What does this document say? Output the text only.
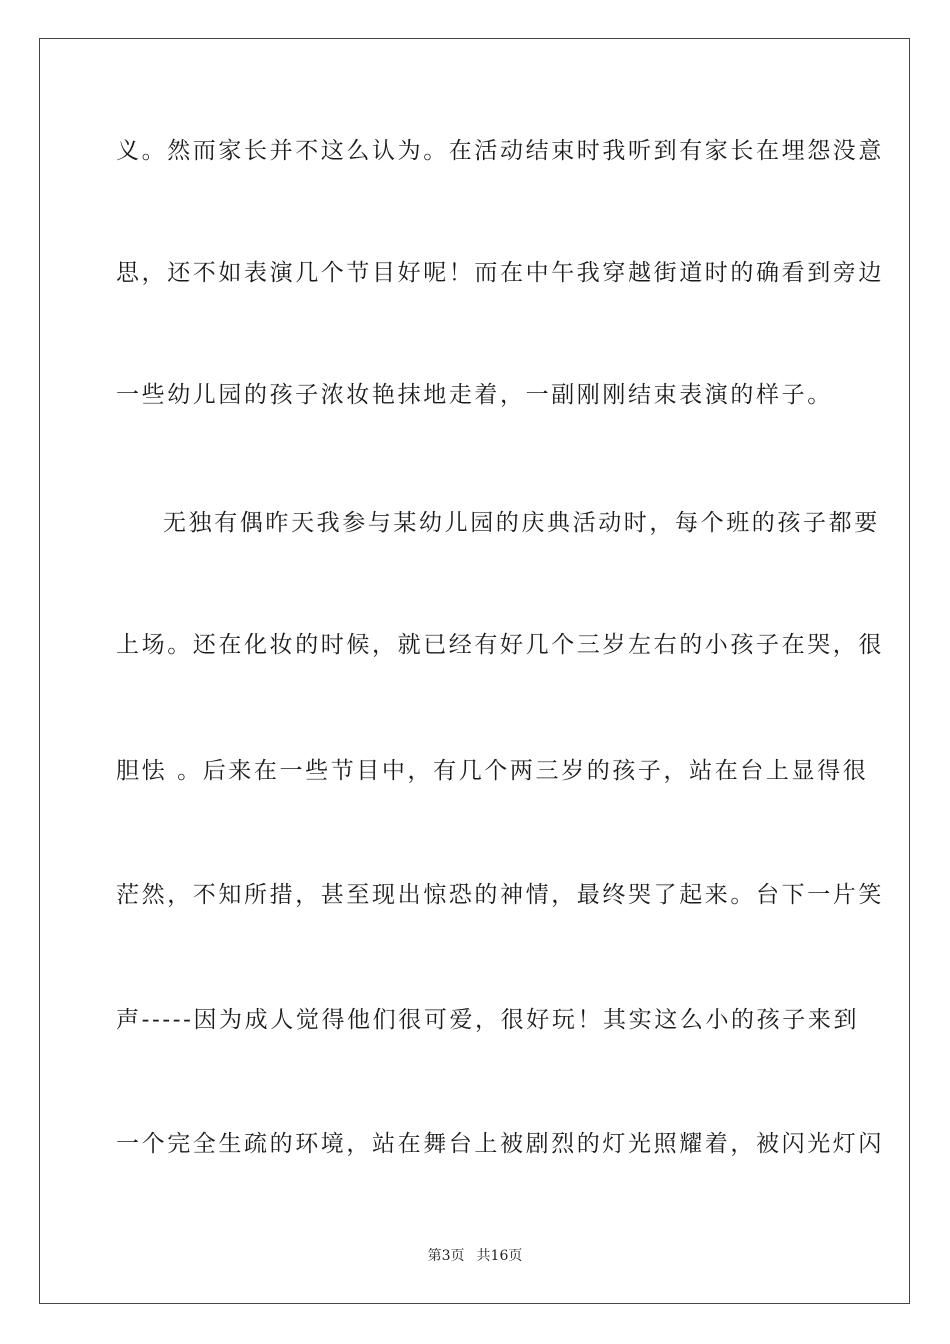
义。然而家长并不这么认为。在活动结束时我听到有家长在埋怨没意
思，还不如表演几个节目好呢！而在中午我穿越街道时的确看到旁边
一些幼儿园的孩子浓妆艳抹地走着，一副刚刚结束表演的样子。
无独有偶昨天我参与某幼儿园的庆典活动时，每个班的孩子都要
上场。还在化妆的时候，就已经有好几个三岁左右的小孩子在哭，很
胆怯 。后来在一些节目中，有几个两三岁的孩子，站在台上显得很
茫然，不知所措，甚至现出惊恐的神情，最终哭了起来。台下一片笑
声-----因为成人觉得他们很可爱，很好玩！其实这么小的孩子来到
一个完全生疏的环境，站在舞台上被剧烈的灯光照耀着，被闪光灯闪
第3页 共16页
